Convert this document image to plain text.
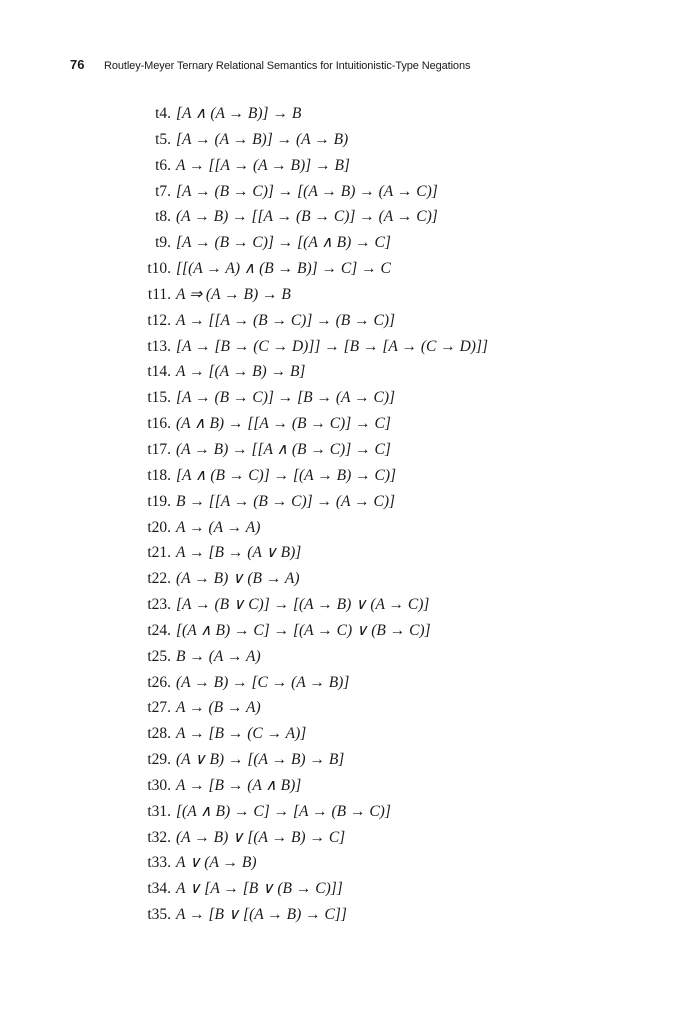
76 Routley-Meyer Ternary Relational Semantics for Intuitionistic-Type Negations
t4. [A ∧ (A → B)] → B
t5. [A → (A → B)] → (A → B)
t6. A → [[A → (A → B)] → B]
t7. [A → (B → C)] → [(A → B) → (A → C)]
t8. (A → B) → [[A → (B → C)] → (A → C)]
t9. [A → (B → C)] → [(A ∧ B) → C]
t10. [[(A → A) ∧ (B → B)] → C] → C
t11. A ⇒ (A → B) → B
t12. A → [[A → (B → C)] → (B → C)]
t13. [A → [B → (C → D)]] → [B → [A → (C → D)]]
t14. A → [(A → B) → B]
t15. [A → (B → C)] → [B → (A → C)]
t16. (A ∧ B) → [[A → (B → C)] → C]
t17. (A → B) → [[A ∧ (B → C)] → C]
t18. [A ∧ (B → C)] → [(A → B) → C)]
t19. B → [[A → (B → C)] → (A → C)]
t20. A → (A → A)
t21. A → [B → (A ∨ B)]
t22. (A → B) ∨ (B → A)
t23. [A → (B ∨ C)] → [(A → B) ∨ (A → C)]
t24. [(A ∧ B) → C] → [(A → C) ∨ (B → C)]
t25. B → (A → A)
t26. (A → B) → [C → (A → B)]
t27. A → (B → A)
t28. A → [B → (C → A)]
t29. (A ∨ B) → [(A → B) → B]
t30. A → [B → (A ∧ B)]
t31. [(A ∧ B) → C] → [A → (B → C)]
t32. (A → B) ∨ [(A → B) → C]
t33. A ∨ (A → B)
t34. A ∨ [A → [B ∨ (B → C)]]
t35. A → [B ∨ [(A → B) → C]]
